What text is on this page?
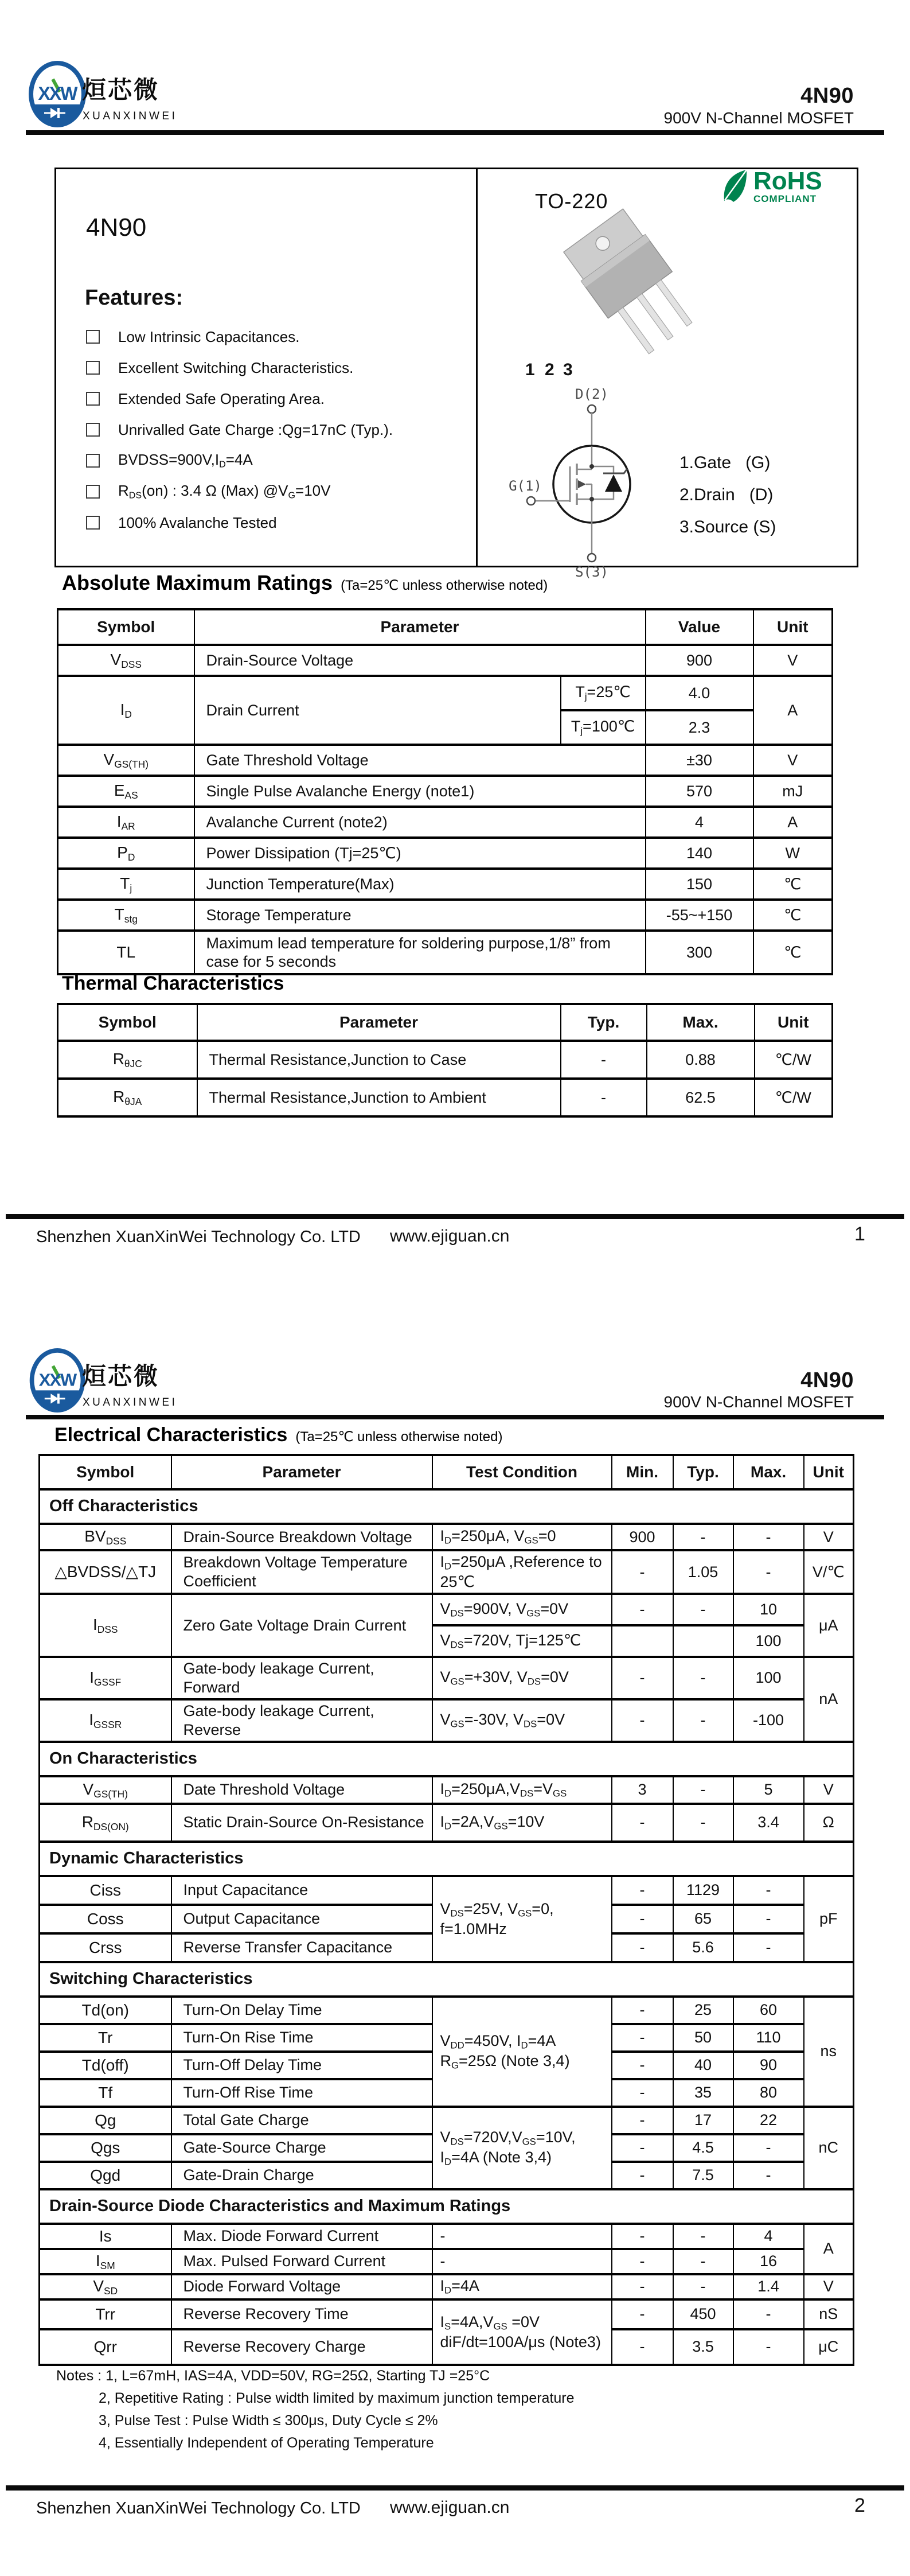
XXW 烜芯微
XUANXINWEI
4N90
900V N-Channel MOSFET
4N90
Features:
Low Intrinsic Capacitances.
Excellent Switching Characteristics.
Extended Safe Operating Area.
Unrivalled Gate Charge :Qg=17nC (Typ.).
$BVDSS=900V,I_D=4A$
$R_{DS}(on)$ : 3.4 Ω (Max) $@V_G=10V$
100% Avalanche Tested
TO-220
RoHS
COMPLIANT
1 2 3
D(2)
G(1)
S(3)
1.Gate   (G)
2.Drain   (D)
3.Source (S)
Absolute Maximum Ratings (Ta=25℃ unless otherwise noted)
Symbol	Parameter		Value	Unit
$V_{DSS}$	Drain-Source Voltage		900	V
$I_D$	Drain Current	$T_j=25℃$	4.0	A
		$T_j=100℃$	2.3	
$V_{GS(TH)}$	Gate Threshold Voltage		±30	V
$E_{AS}$	Single Pulse Avalanche Energy (note1)		570	mJ
$I_{AR}$	Avalanche Current (note2)		4	A
$P_D$	Power Dissipation (Tj=25℃)		140	W
$T_j$	Junction Temperature(Max)		150	℃
$T_{stg}$	Storage Temperature		-55~+150	℃
TL	Maximum lead temperature for soldering purpose,1/8” from case for 5 seconds		300	℃
Thermal Characteristics
Symbol	Parameter	Typ.	Max.	Unit
$R_{\theta JC}$	Thermal Resistance,Junction to Case	-	0.88	℃/W
$R_{\theta JA}$	Thermal Resistance,Junction to Ambient	-	62.5	℃/W
Shenzhen XuanXinWei Technology Co. LTD www.ejiguan.cn	1
XXW 烜芯微
XUANXINWEI
4N90
900V N-Channel MOSFET
Electrical Characteristics (Ta=25℃ unless otherwise noted)
Symbol	Parameter	Test Condition	Min.	Typ.	Max.	Unit
Off Characteristics						
$BV_{DSS}$	Drain-Source Breakdown Voltage	$I_D=250\mu A$, $V_{GS}=0$	900	-	-	V
△BVDSS/△TJ	Breakdown Voltage Temperature Coefficient	$I_D=250\mu A$ ,Reference to 25℃	-	1.05	-	V/℃
$I_{DSS}$	Zero Gate Voltage Drain Current	$V_{DS}=900V$, $V_{GS}=0V$	-	-	10	μA
		$V_{DS}=720V$, Tj=125℃			100	
$I_{GSSF}$	Gate-body leakage Current, Forward	$V_{GS}=+30V$, $V_{DS}=0V$	-	-	100	nA
$I_{GSSR}$	Gate-body leakage Current, Reverse	$V_{GS}=-30V$, $V_{DS}=0V$	-	-	-100	
On Characteristics						
$V_{GS(TH)}$	Date Threshold Voltage	$I_D=250\mu A,V_{DS}=V_{GS}$	3	-	5	V
$R_{DS(ON)}$	Static Drain-Source On-Resistance	$I_D=2A,V_{GS}=10V$	-	-	3.4	Ω
Dynamic Characteristics						
Ciss	Input Capacitance	$V_{DS}=25V$, $V_{GS}=0$, f=1.0MHz	-	1129	-	pF
Coss	Output Capacitance		-	65	-	
Crss	Reverse Transfer Capacitance		-	5.6	-	
Switching Characteristics						
Td(on)	Turn-On Delay Time	$V_{DD}=450V$, $I_D=4A$ $R_G=25\Omega$ (Note 3,4)	-	25	60	ns
Tr	Turn-On Rise Time		-	50	110	
Td(off)	Turn-Off Delay Time		-	40	90	
Tf	Turn-Off Rise Time		-	35	80	
Qg	Total Gate Charge	$V_{DS}=720V,V_{GS}=10V$, $I_D=4A$ (Note 3,4)	-	17	22	nC
Qgs	Gate-Source Charge		-	4.5	-	
Qgd	Gate-Drain Charge		-	7.5	-	
Drain-Source Diode Characteristics and Maximum Ratings						
Is	Max. Diode Forward Current	-	-	-	4	A
$I_{SM}$	Max. Pulsed Forward Current	-	-	-	16	
$V_{SD}$	Diode Forward Voltage	$I_D=4A$	-	-	1.4	V
Trr	Reverse Recovery Time	$I_S=4A,V_{GS} =0V$ diF/dt=100A/μs (Note3)	-	450	-	nS
Qrr	Reverse Recovery Charge		-	3.5	-	μC
Notes : 1, L=67mH, IAS=4A, VDD=50V, RG=25Ω, Starting TJ =25°C
2, Repetitive Rating : Pulse width limited by maximum junction temperature
3, Pulse Test : Pulse Width ≤ 300μs, Duty Cycle ≤ 2%
4, Essentially Independent of Operating Temperature
Shenzhen XuanXinWei Technology Co. LTD www.ejiguan.cn	2
